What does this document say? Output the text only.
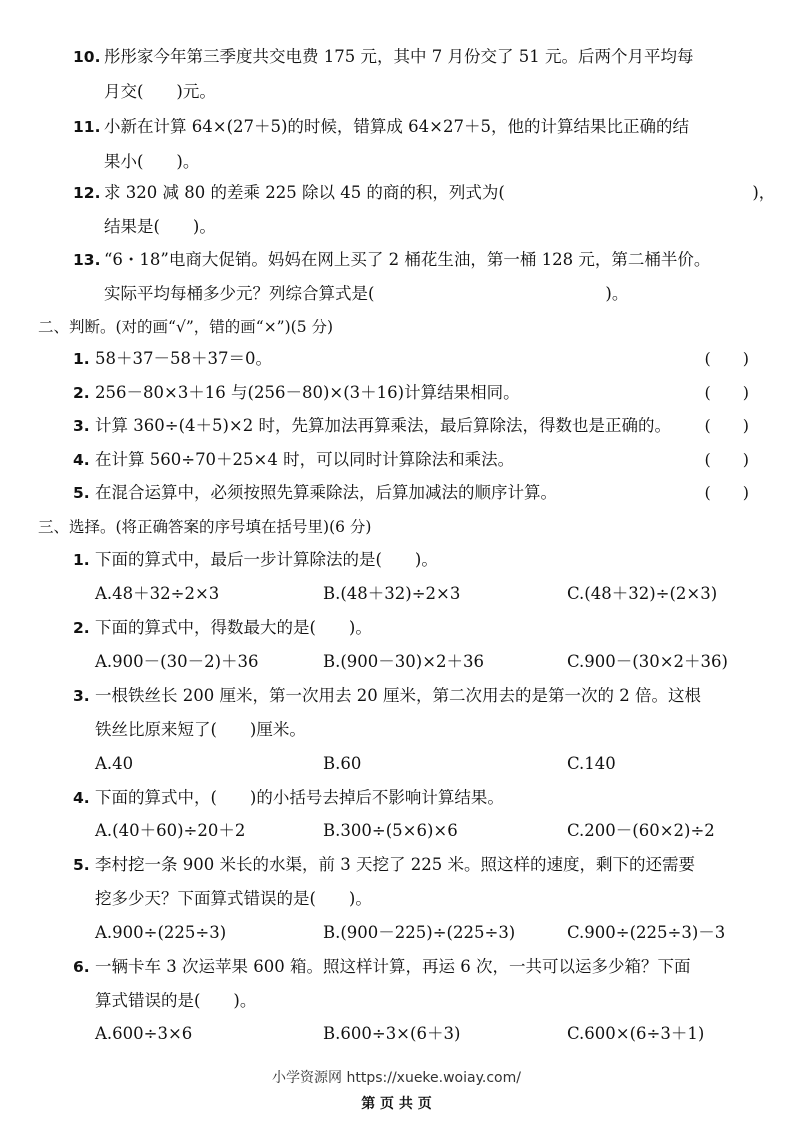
10. 彤彤家今年第三季度共交电费 175 元，其中 7 月份交了 51 元。后两个月平均每
月交(　　)元。
11. 小新在计算 64×(27＋5)的时候，错算成 64×27＋5，他的计算结果比正确的结
果小(　　)。
12. 求 320 减 80 的差乘 225 除以 45 的商的积，列式为(　　　　　　　　　　　　　　　)，
结果是(　　)。
13. “6・18”电商大促销。妈妈在网上买了 2 桶花生油，第一桶 128 元，第二桶半价。
实际平均每桶多少元？列综合算式是(　　　　　　　　　　　　　　)。
二、判断。(对的画“√”，错的画“×”)(5 分)
1. 58＋37－58＋37＝0。	(　　)
2. 256－80×3＋16 与(256－80)×(3＋16)计算结果相同。	(　　)
3. 计算 360÷(4＋5)×2 时，先算加法再算乘法，最后算除法，得数也是正确的。 (　　)
4. 在计算 560÷70＋25×4 时，可以同时计算除法和乘法。	(　　)
5. 在混合运算中，必须按照先算乘除法，后算加减法的顺序计算。	(　　)
三、选择。(将正确答案的序号填在括号里)(6 分)
1. 下面的算式中，最后一步计算除法的是(　　)。
A.48＋32÷2×3	B.(48＋32)÷2×3	C.(48＋32)÷(2×3)
2. 下面的算式中，得数最大的是(　　)。
A.900－(30－2)＋36	B.(900－30)×2＋36	C.900－(30×2＋36)
3. 一根铁丝长 200 厘米，第一次用去 20 厘米，第二次用去的是第一次的 2 倍。这根
铁丝比原来短了(　　)厘米。
A.40	B.60	C.140
4. 下面的算式中，(　　)的小括号去掉后不影响计算结果。
A.(40＋60)÷20＋2	B.300÷(5×6)×6	C.200－(60×2)÷2
5. 李村挖一条 900 米长的水渠，前 3 天挖了 225 米。照这样的速度，剩下的还需要
挖多少天？下面算式错误的是(　　)。
A.900÷(225÷3)	B.(900－225)÷(225÷3)	C.900÷(225÷3)－3
6. 一辆卡车 3 次运苹果 600 箱。照这样计算，再运 6 次，一共可以运多少箱？下面
算式错误的是(　　)。
A.600÷3×6	B.600÷3×(6＋3)	C.600×(6÷3＋1)
小学资源网 https://xueke.woiay.com/
第 页 共 页
